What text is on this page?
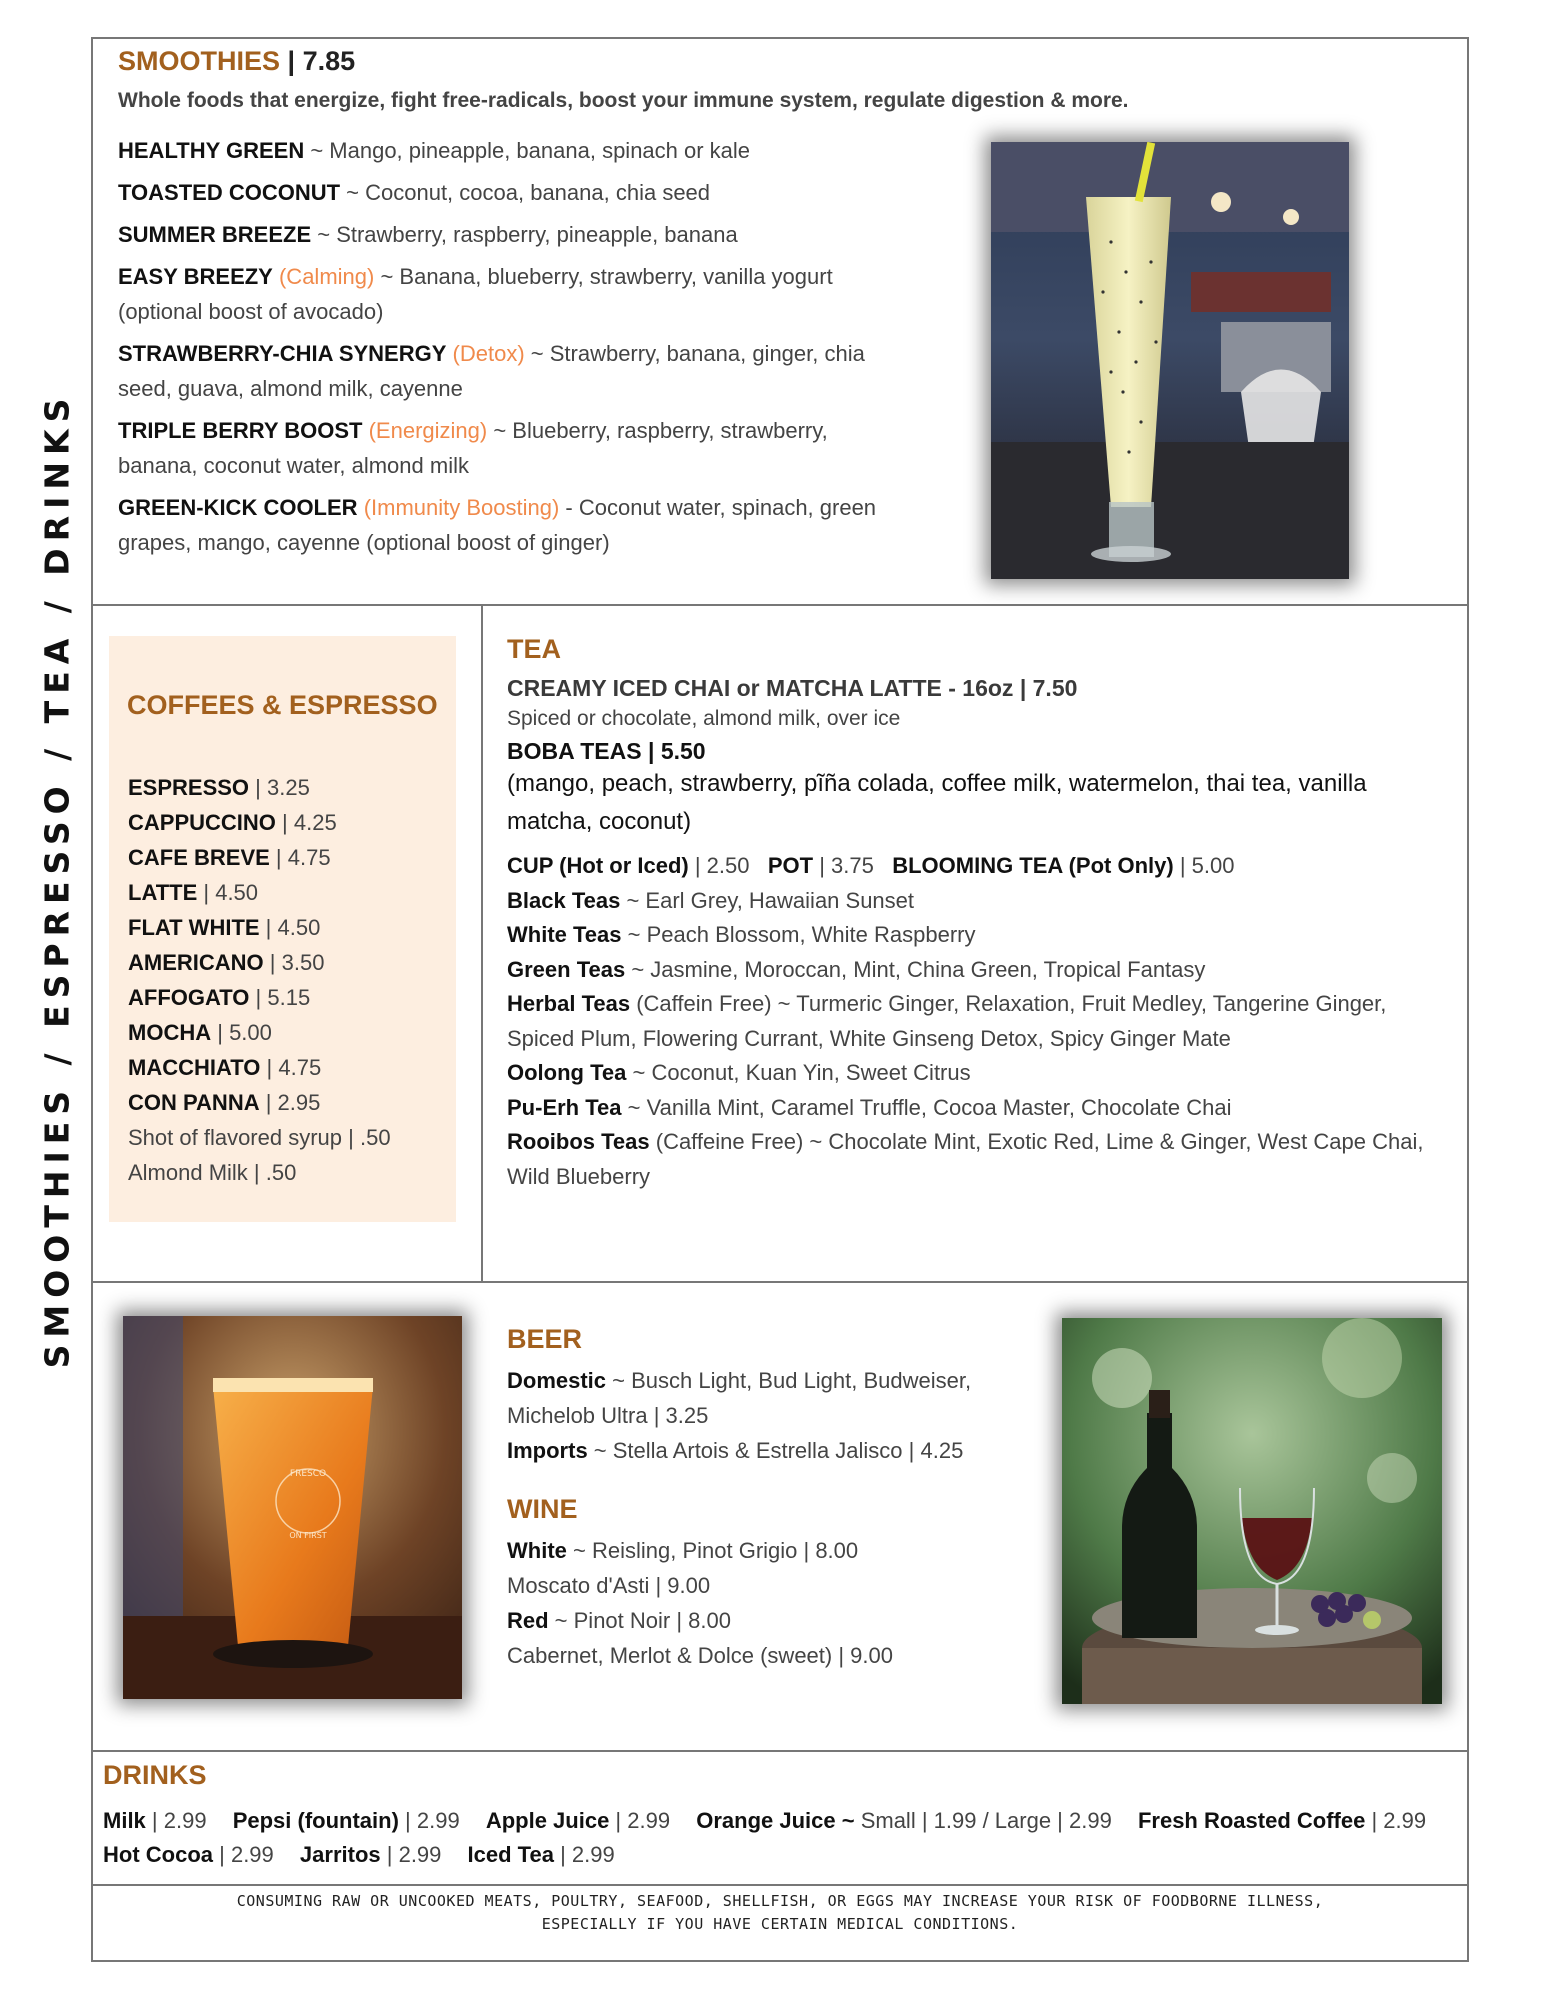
SMOOTHIES / ESPRESSO / TEA / DRINKS
SMOOTHIES | 7.85
Whole foods that energize, fight free-radicals, boost your immune system, regulate digestion & more.
HEALTHY GREEN ~ Mango, pineapple, banana, spinach or kale
TOASTED COCONUT ~ Coconut, cocoa, banana, chia seed
SUMMER BREEZE ~ Strawberry, raspberry, pineapple, banana
EASY BREEZY (Calming) ~ Banana, blueberry, strawberry, vanilla yogurt (optional boost of avocado)
STRAWBERRY-CHIA SYNERGY (Detox) ~ Strawberry, banana, ginger, chia seed, guava, almond milk, cayenne
TRIPLE BERRY BOOST (Energizing) ~ Blueberry, raspberry, strawberry, banana, coconut water, almond milk
GREEN-KICK COOLER (Immunity Boosting) - Coconut water, spinach, green grapes, mango, cayenne (optional boost of ginger)
COFFEES & ESPRESSO
ESPRESSO | 3.25
CAPPUCCINO | 4.25
CAFE BREVE | 4.75
LATTE | 4.50
FLAT WHITE | 4.50
AMERICANO | 3.50
AFFOGATO | 5.15
MOCHA | 5.00
MACCHIATO | 4.75
CON PANNA | 2.95
Shot of flavored syrup | .50
Almond Milk | .50
TEA
CREAMY ICED CHAI or MATCHA LATTE - 16oz | 7.50
Spiced or chocolate, almond milk, over ice
BOBA TEAS | 5.50
(mango, peach, strawberry, pĩña colada, coffee milk, watermelon, thai tea, vanilla matcha, coconut)
CUP (Hot or Iced) | 2.50 POT | 3.75 BLOOMING TEA (Pot Only) | 5.00
Black Teas ~ Earl Grey, Hawaiian Sunset
White Teas ~ Peach Blossom, White Raspberry
Green Teas ~ Jasmine, Moroccan, Mint, China Green, Tropical Fantasy
Herbal Teas (Caffein Free) ~ Turmeric Ginger, Relaxation, Fruit Medley, Tangerine Ginger, Spiced Plum, Flowering Currant, White Ginseng Detox, Spicy Ginger Mate
Oolong Tea ~ Coconut, Kuan Yin, Sweet Citrus
Pu-Erh Tea ~ Vanilla Mint, Caramel Truffle, Cocoa Master, Chocolate Chai
Rooibos Teas (Caffeine Free) ~ Chocolate Mint, Exotic Red, Lime & Ginger, West Cape Chai, Wild Blueberry
FRESCO
ON FIRST
BEER
Domestic ~ Busch Light, Bud Light, Budweiser, Michelob Ultra | 3.25
Imports ~ Stella Artois & Estrella Jalisco | 4.25
WINE
White ~ Reisling, Pinot Grigio | 8.00
Moscato d'Asti | 9.00
Red ~ Pinot Noir | 8.00
Cabernet, Merlot & Dolce (sweet) | 9.00
DRINKS
Milk | 2.99 Pepsi (fountain) | 2.99 Apple Juice | 2.99 Orange Juice ~ Small | 1.99 / Large | 2.99 Fresh Roasted Coffee | 2.99
Hot Cocoa | 2.99 Jarritos | 2.99 Iced Tea | 2.99
CONSUMING RAW OR UNCOOKED MEATS, POULTRY, SEAFOOD, SHELLFISH, OR EGGS MAY INCREASE YOUR RISK OF FOODBORNE ILLNESS,
ESPECIALLY IF YOU HAVE CERTAIN MEDICAL CONDITIONS.
